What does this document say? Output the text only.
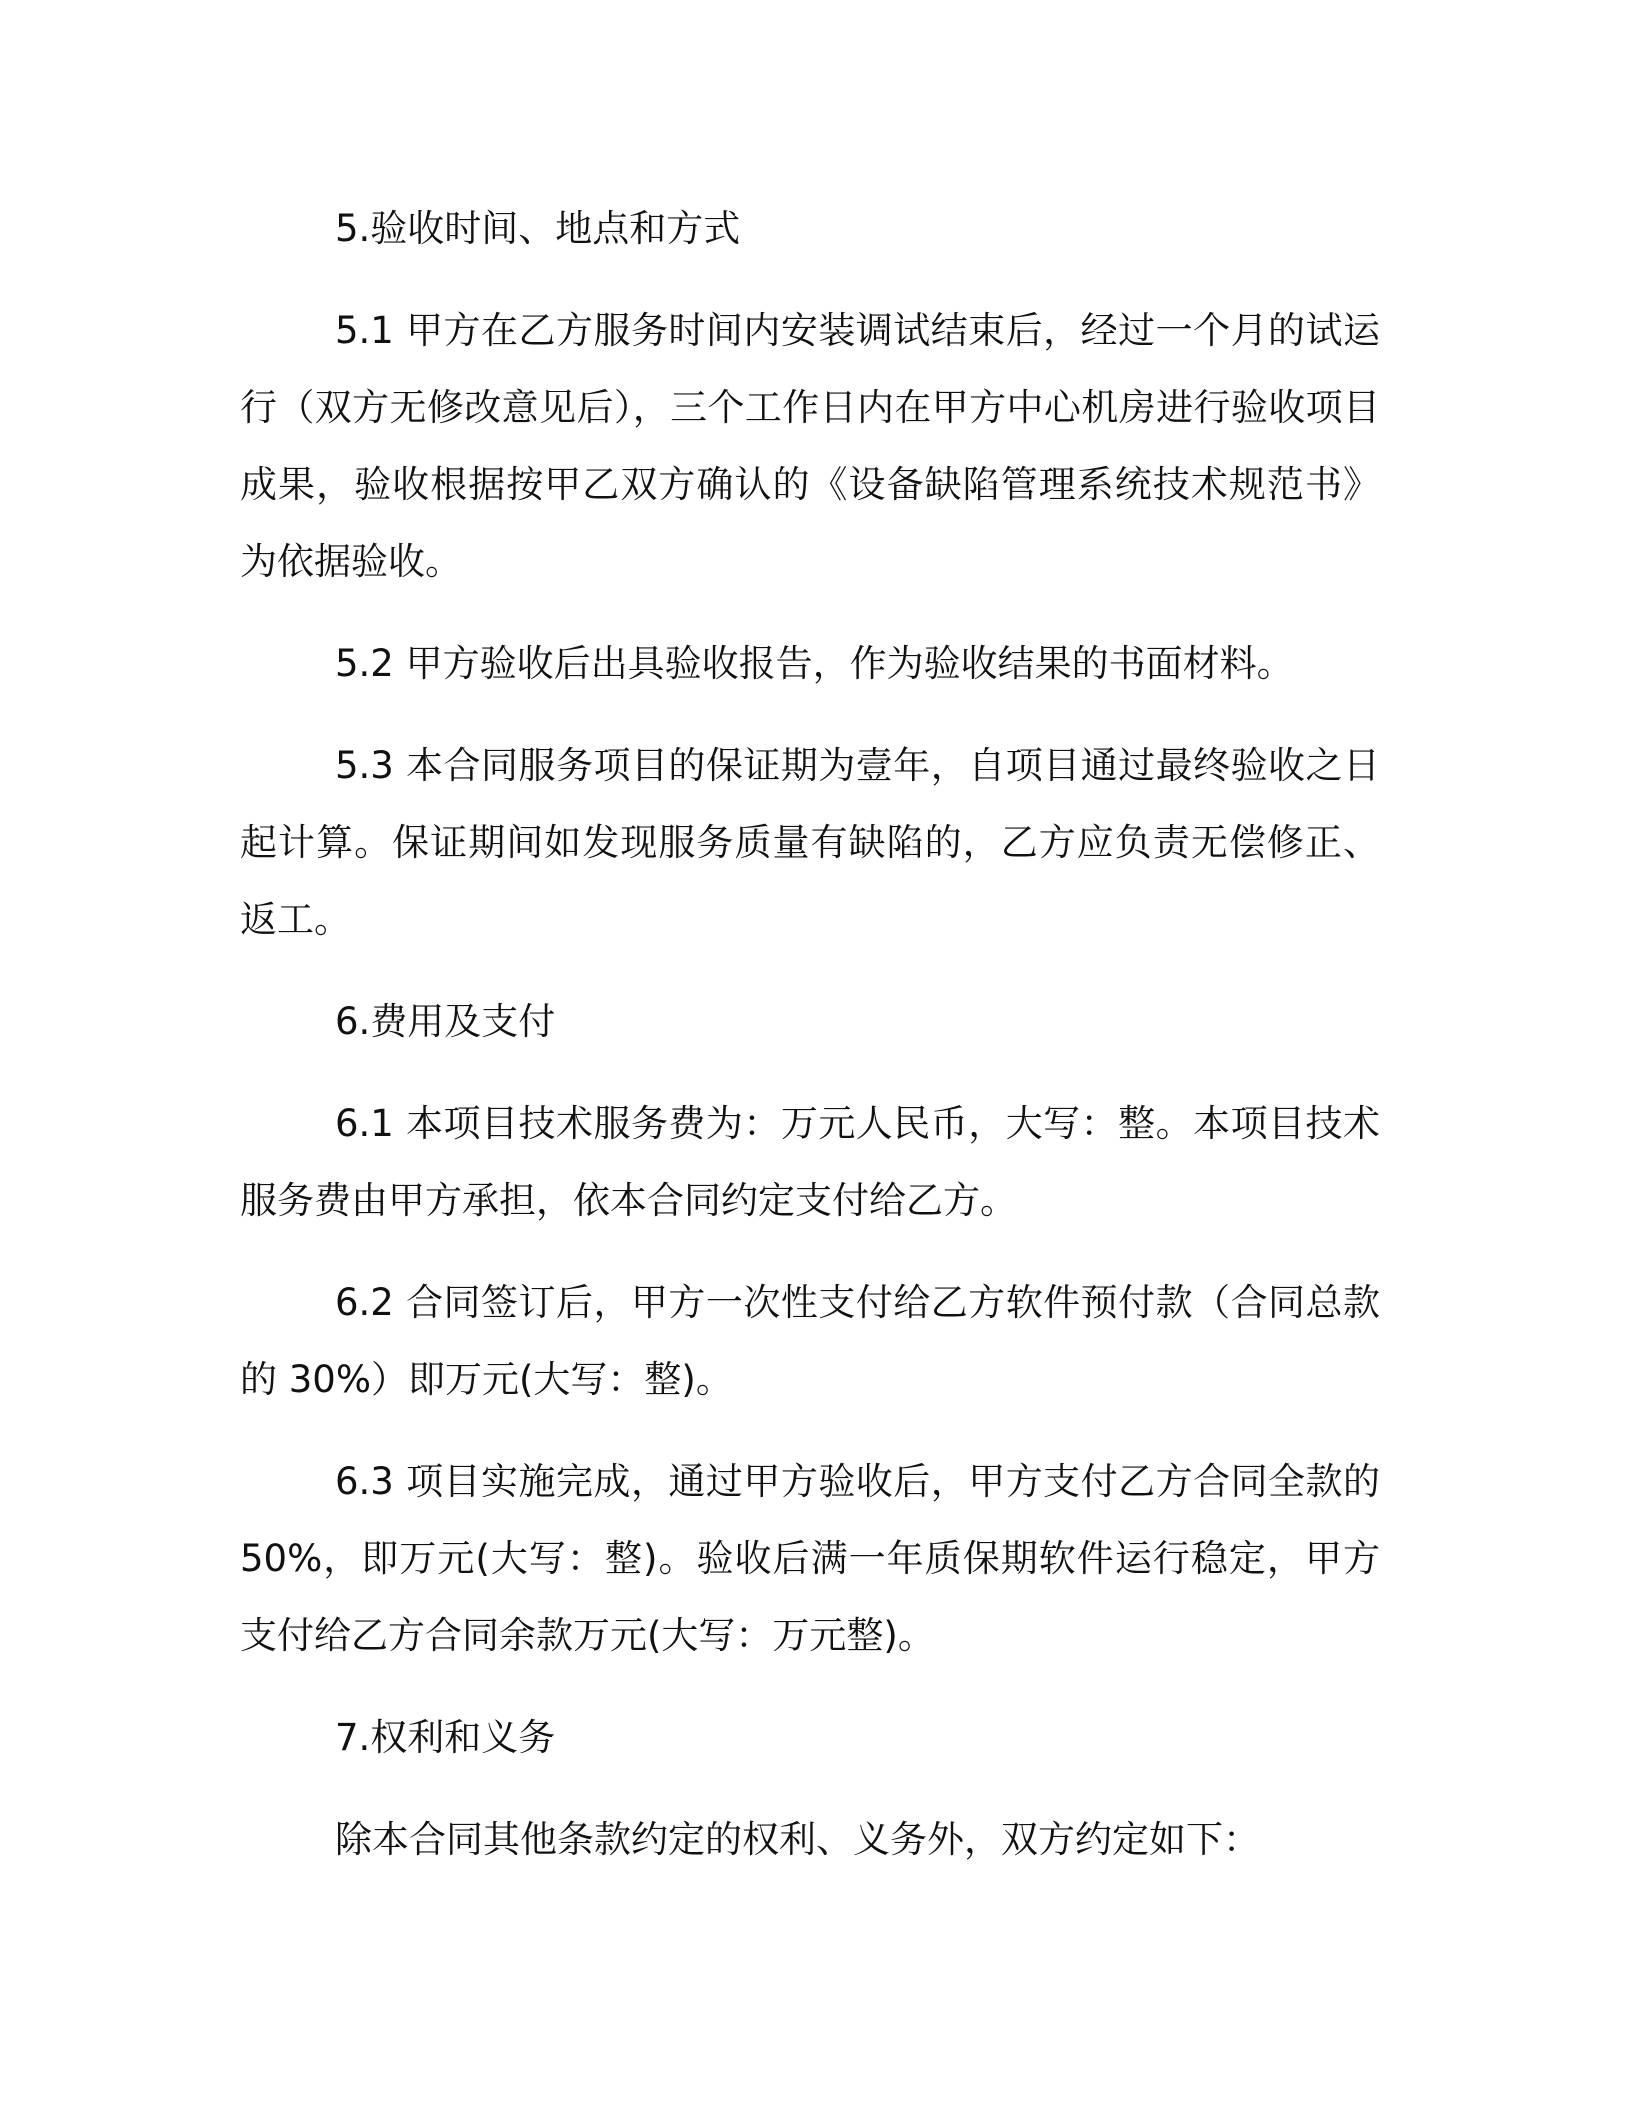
5.验收时间、地点和方式

5.1 甲方在乙方服务时间内安装调试结束后，经过一个月的试运行（双方无修改意见后），三个工作日内在甲方中心机房进行验收项目成果，验收根据按甲乙双方确认的《设备缺陷管理系统技术规范书》为依据验收。

5.2 甲方验收后出具验收报告，作为验收结果的书面材料。

5.3 本合同服务项目的保证期为壹年，自项目通过最终验收之日起计算。保证期间如发现服务质量有缺陷的，乙方应负责无偿修正、返工。

6.费用及支付

6.1 本项目技术服务费为：万元人民币，大写：整。本项目技术服务费由甲方承担，依本合同约定支付给乙方。

6.2 合同签订后，甲方一次性支付给乙方软件预付款（合同总款的 30%）即万元(大写：整)。

6.3 项目实施完成，通过甲方验收后，甲方支付乙方合同全款的50%，即万元(大写：整)。验收后满一年质保期软件运行稳定，甲方支付给乙方合同余款万元(大写：万元整)。

7.权利和义务

除本合同其他条款约定的权利、义务外，双方约定如下：
